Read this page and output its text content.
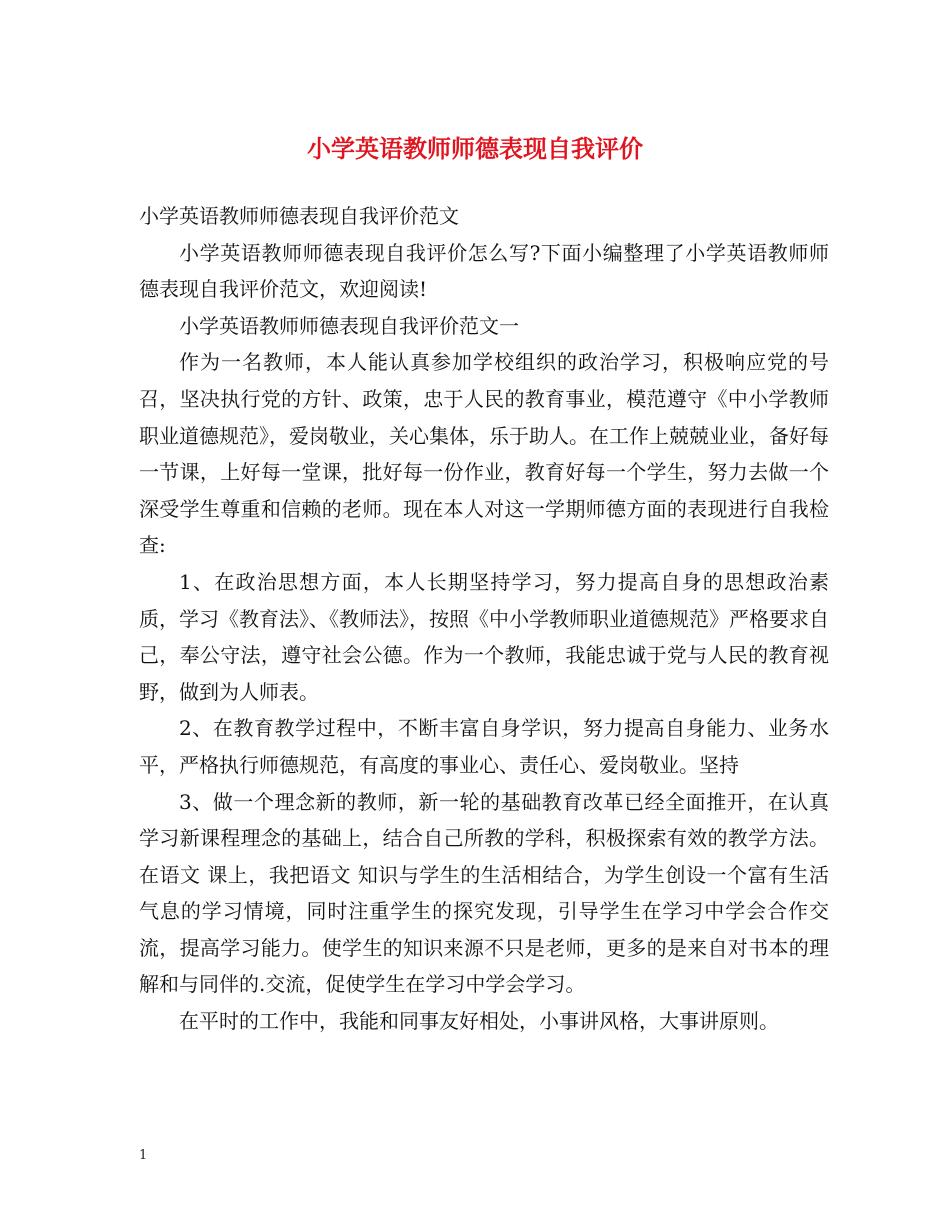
小学英语教师师德表现自我评价

小学英语教师师德表现自我评价范文

小学英语教师师德表现自我评价怎么写?下面小编整理了小学英语教师师德表现自我评价范文，欢迎阅读!

小学英语教师师德表现自我评价范文一

作为一名教师，本人能认真参加学校组织的政治学习，积极响应党的号召，坚决执行党的方针、政策，忠于人民的教育事业，模范遵守《中小学教师职业道德规范》，爱岗敬业，关心集体，乐于助人。在工作上兢兢业业，备好每一节课，上好每一堂课，批好每一份作业，教育好每一个学生，努力去做一个深受学生尊重和信赖的老师。现在本人对这一学期师德方面的表现进行自我检查:

1、在政治思想方面，本人长期坚持学习，努力提高自身的思想政治素质，学习《教育法》、《教师法》，按照《中小学教师职业道德规范》严格要求自己，奉公守法，遵守社会公德。作为一个教师，我能忠诚于党与人民的教育视野，做到为人师表。

2、在教育教学过程中，不断丰富自身学识，努力提高自身能力、业务水平，严格执行师德规范，有高度的事业心、责任心、爱岗敬业。坚持

3、做一个理念新的教师，新一轮的基础教育改革已经全面推开，在认真学习新课程理念的基础上，结合自己所教的学科，积极探索有效的教学方法。在语文 课上，我把语文 知识与学生的生活相结合，为学生创设一个富有生活气息的学习情境，同时注重学生的探究发现，引导学生在学习中学会合作交流，提高学习能力。使学生的知识来源不只是老师，更多的是来自对书本的理解和与同伴的.交流，促使学生在学习中学会学习。

在平时的工作中，我能和同事友好相处，小事讲风格，大事讲原则。

1
